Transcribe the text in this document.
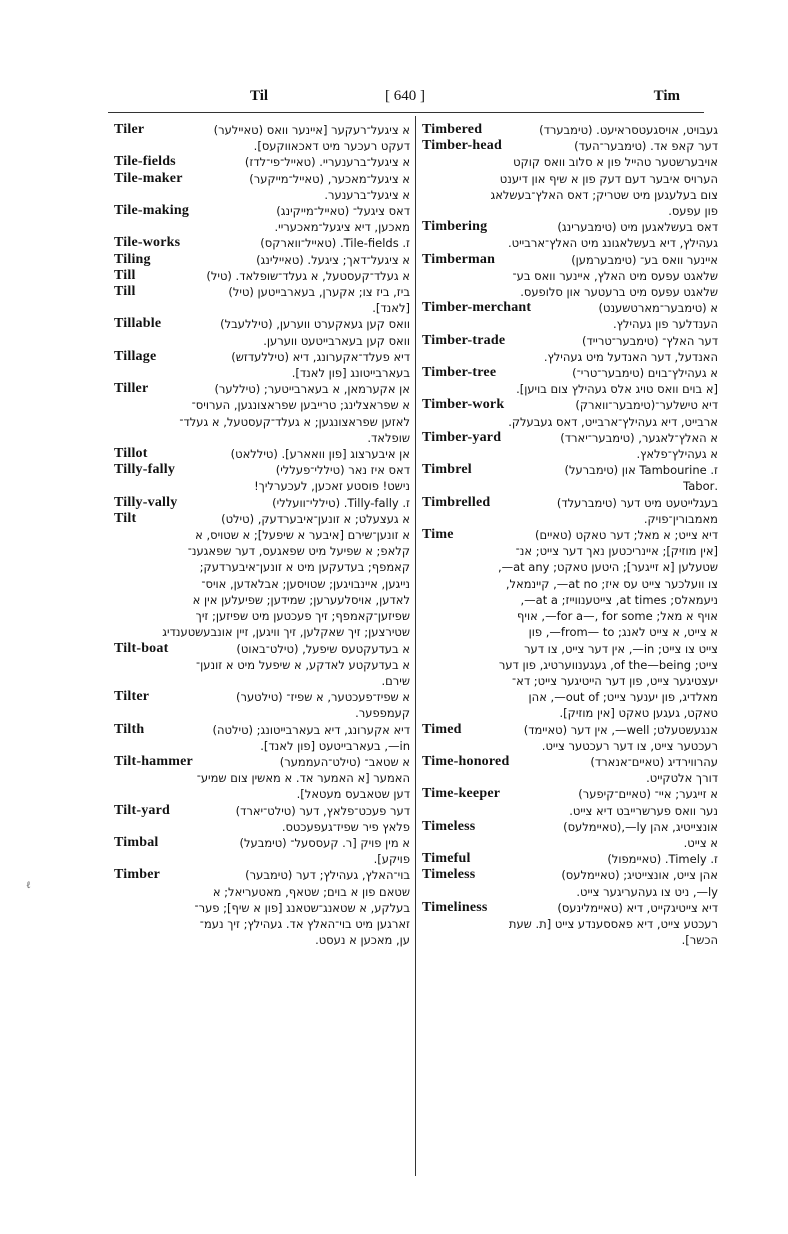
Til	[ 640 ]	Tim
Tiler	א ציגעל־רעקער [איינער וואס (טאיילער)
דעקט רעכער מיט דאכאווקעס].
Tile-fields	א ציגעל־ברענעריי. (טאייל־פי־לדז)
Tile-maker	א ציגעל־מאכער, (טאייל־מייקער)
א ציגעל־ברענער.
Tile-making	דאס ציגעל־ (טאייל־מייקינג)
מאכען, דיא ציגעל־מאכעריי.
Tile-works	ז. Tile-fields. (טאייל־ווארקס)
Tiling	א ציגעל־דאך; ציגעל. (טאיילינג)
Till	א געלד־קעסטעל, א געלד־שופלאד. (טיל)
Till	ביז, ביז צו; אקערן, בעארבייטען (טיל)
[לאנד].
Tillable	וואס קען געאקערט ווערען, (טיללעבל)
וואס קען בעארבייטעט ווערען.
Tillage	דיא פעלד־אקערונג, דיא (טיללעדזש)
בעארבייטונג [פון לאנד].
Tiller	אן אקערמאן, א בעארבייטער; (טיללער)
א שפראצלינג; טרייבען שפראצונגען, הערויס־
לאזען שפראצונגען; א געלד־קעסטעל, א געלד־
שופלאד.
Tillot	אן איבערצוג [פון וואארע]. (טיללאט)
Tilly-fally	דאס איז נאר (טיללי־פעללי)
נישט! פוסטע זאכען, לעכערליך!
Tilly-vally	ז. Tilly-fally. (טיללי־וועללי)
Tilt	א געצעלט; א זונען־איבערדעק, (טילט)
א זונען־שירם [איבער א שיפעל]; א שטויס, א
קלאפ; א שפיעל מיט שפאגעס, דער שפאגענ־
קאמפף; בעדעקען מיט א זונען־איבערדעק;
נייגען, איינבויגען; שטויסען; אבלאדען, אויס־
לאדען, אויסלעערען; שמידען; שפיעלען אין א
שפיזען־קאמפף; זיך פעכטען מיט שפיזען; זיך
שטירצען; זיך שאקלען, זיך וויגען, זיין אונבעשטענדיג
Tilt-boat	א בעדעקטעס שיפעל, (טילט־באוט)
א בעדעקטע לאדקע, א שיפעל מיט א זונען־
שירם.
Tilter	א שפיז־פעכטער, א שפיז־ (טילטער)
קעמפפער.
Tilth	דיא אקערונג, דיא בעארבייטונג; (טילטה)
in—, בעארבייטעט [פון לאנד].
Tilt-hammer	א שטאב־ (טילט־העממער)
האמער [א האמער אד. א מאשין צום שמיע־
דען שטאבעס מעטאל].
Tilt-yard	דער פעכט־פלאץ, דער (טילט־יארד)
פלאץ פיר שפיז־געפעכטס.
Timbal	א מין פויק [ר. קעססעל־ (טימבעל)
פויקע].
Timber	בוי־האלץ, געהילץ; דער (טימבער)
שטאם פון א בוים; שטאף, מאטעריאל; א
בעלקע, א שטאנג־שטאנג [פון א שיף]; פער־
זארגען מיט בוי־האלץ אד. געהילץ; זיך נעמ־
ען, מאכען א נעסט.
Timbered	געבויט, אויסגעטסראיעט. (טימבערד)
Timber-head	דער קאפ אד. (טימבער־העד)
אויבערשטער טהייל פון א סלוב וואס קוקט
הערויס איבער דעם דעק פון א שיף און דיענט
צום בעלעגען מיט שטריק; דאס האלץ־בעשלאג
פון עפעס.
Timbering	דאס בעשלאגען מיט (טימבערינג)
געהילץ, דיא בעשלאגונג מיט האלץ־ארבייט.
Timberman	איינער וואס בע־ (טימבערמען)
שלאגט עפעס מיט האלץ, איינער וואס בע־
שלאגט עפעס מיט ברעטער און סלופעס.
Timber-merchant	א (טימבער־מארטשענט)
הענדלער פון געהילץ.
Timber-trade	דער האלץ־ (טימבער־טרייד)
האנדעל, דער האנדעל מיט געהילץ.
Timber-tree	א געהילץ־בוים (טימבער־טרי־)
[א בוים וואס טויג אלס געהילץ צום בויען].
Timber-work	דיא טישלער־(טימבער־ווארק)
ארבייט, דיא געהילץ־ארבייט, דאס געבעלק.
Timber-yard	א האלץ־לאגער, (טימבער־יארד)
א געהילץ־פלאץ.
Timbrel	ז. Tambourine און (טימברעל)
.Tabor
Timbrelled	בעגלייטעט מיט דער (טימברעלד)
מאמבורין־פויק.
Time	דיא צייט; א מאל; דער טאקט (טאיים)
[אין מוזיק]; איינריכטען נאך דער צייט; אנ־
שטעלען [א זייגער]; היטען טאקט; at any—,
צו וועלכער צייט עס איז; at no—, קיינמאל,
ניעמאלס; at times, צייטענווייז; at a—,
אויף א מאל; for a—, for some—, אויף
א צייט, א צייט לאנג; from— to—, פון
צייט צו צייט; in—, אין דער צייט, צו דער
צייט; of the—being, געגענווערטיג, פון דער
יעצטיגער צייט, פון דער הייטיגער צייט; דא־
מאלדיג, פון יענער צייט; out of—, אהן
טאקט, געגען טאקט [אין מוזיק].
Timed	אנגעשטעלט; well—, אין דער (טאיימד)
רעכטער צייט, צו דער רעכטער צייט.
Time-honored	עהרווירדיג (טאיים־אנארד)
דורך אלטקייט.
Time-keeper	א זייגער; איי־ (טאיים־קיפער)
נער וואס פערשרייבט דיא צייט.
Timeless	אונצייטיג, אהן ly—,(טאיימלעס)
א צייט.
Timeful	ז. Timely. (טאיימפול)
Timeless	אהן צייט, אונצייטיג; (טאיימלעס)
ly—, ניט צו געהעריגער צייט.
Timeliness	דיא צייטיגקייט, דיא (טאיימלינעס)
רעכטע צייט, דיא פאססענדע צייט [ת. שעת
הכשר].
ℓ
